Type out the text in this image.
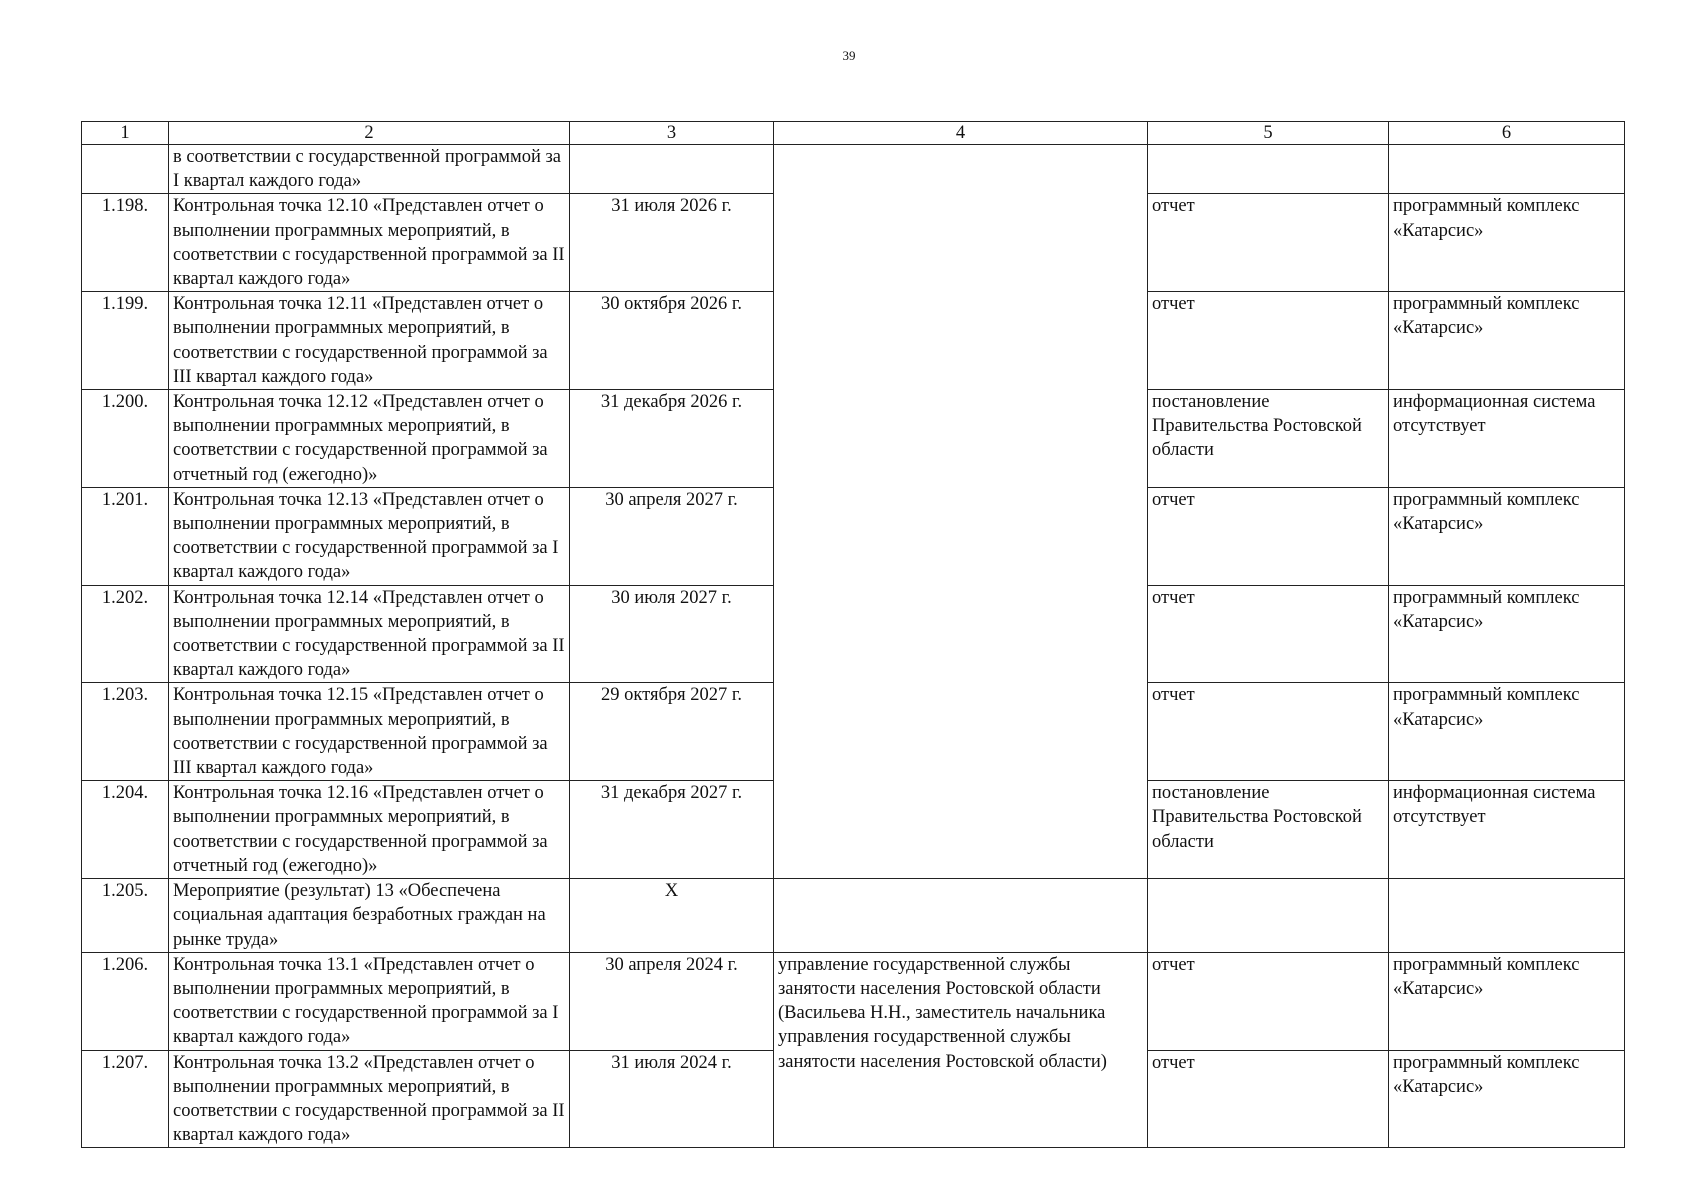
39
1	2	3	4	5	6
	в соответствии с государственной программой за I квартал каждого года»				
1.198.	Контрольная точка 12.10 «Представлен отчет о выполнении программных мероприятий, в соответствии с государственной программой за II квартал каждого года»	31 июля 2026 г.		отчет	программный комплекс «Катарсис»
1.199.	Контрольная точка 12.11 «Представлен отчет о выполнении программных мероприятий, в соответствии с государственной программой за III квартал каждого года»	30 октября 2026 г.		отчет	программный комплекс «Катарсис»
1.200.	Контрольная точка 12.12 «Представлен отчет о выполнении программных мероприятий, в соответствии с государственной программой за отчетный год (ежегодно)»	31 декабря 2026 г.		постановление Правительства Ростовской области	информационная система отсутствует
1.201.	Контрольная точка 12.13 «Представлен отчет о выполнении программных мероприятий, в соответствии с государственной программой за I квартал каждого года»	30 апреля 2027 г.		отчет	программный комплекс «Катарсис»
1.202.	Контрольная точка 12.14 «Представлен отчет о выполнении программных мероприятий, в соответствии с государственной программой за II квартал каждого года»	30 июля 2027 г.		отчет	программный комплекс «Катарсис»
1.203.	Контрольная точка 12.15 «Представлен отчет о выполнении программных мероприятий, в соответствии с государственной программой за III квартал каждого года»	29 октября 2027 г.		отчет	программный комплекс «Катарсис»
1.204.	Контрольная точка 12.16 «Представлен отчет о выполнении программных мероприятий, в соответствии с государственной программой за отчетный год (ежегодно)»	31 декабря 2027 г.		постановление Правительства Ростовской области	информационная система отсутствует
1.205.	Мероприятие (результат) 13 «Обеспечена социальная адаптация безработных граждан на рынке труда»	Х			
1.206.	Контрольная точка 13.1 «Представлен отчет о выполнении программных мероприятий, в соответствии с государственной программой за I квартал каждого года»	30 апреля 2024 г.	управление государственной службы занятости населения Ростовской области (Васильева Н.Н., заместитель начальника управления государственной службы занятости населения Ростовской области)	отчет	программный комплекс «Катарсис»
1.207.	Контрольная точка 13.2 «Представлен отчет о выполнении программных мероприятий, в соответствии с государственной программой за II квартал каждого года»	31 июля 2024 г.		отчет	программный комплекс «Катарсис»
